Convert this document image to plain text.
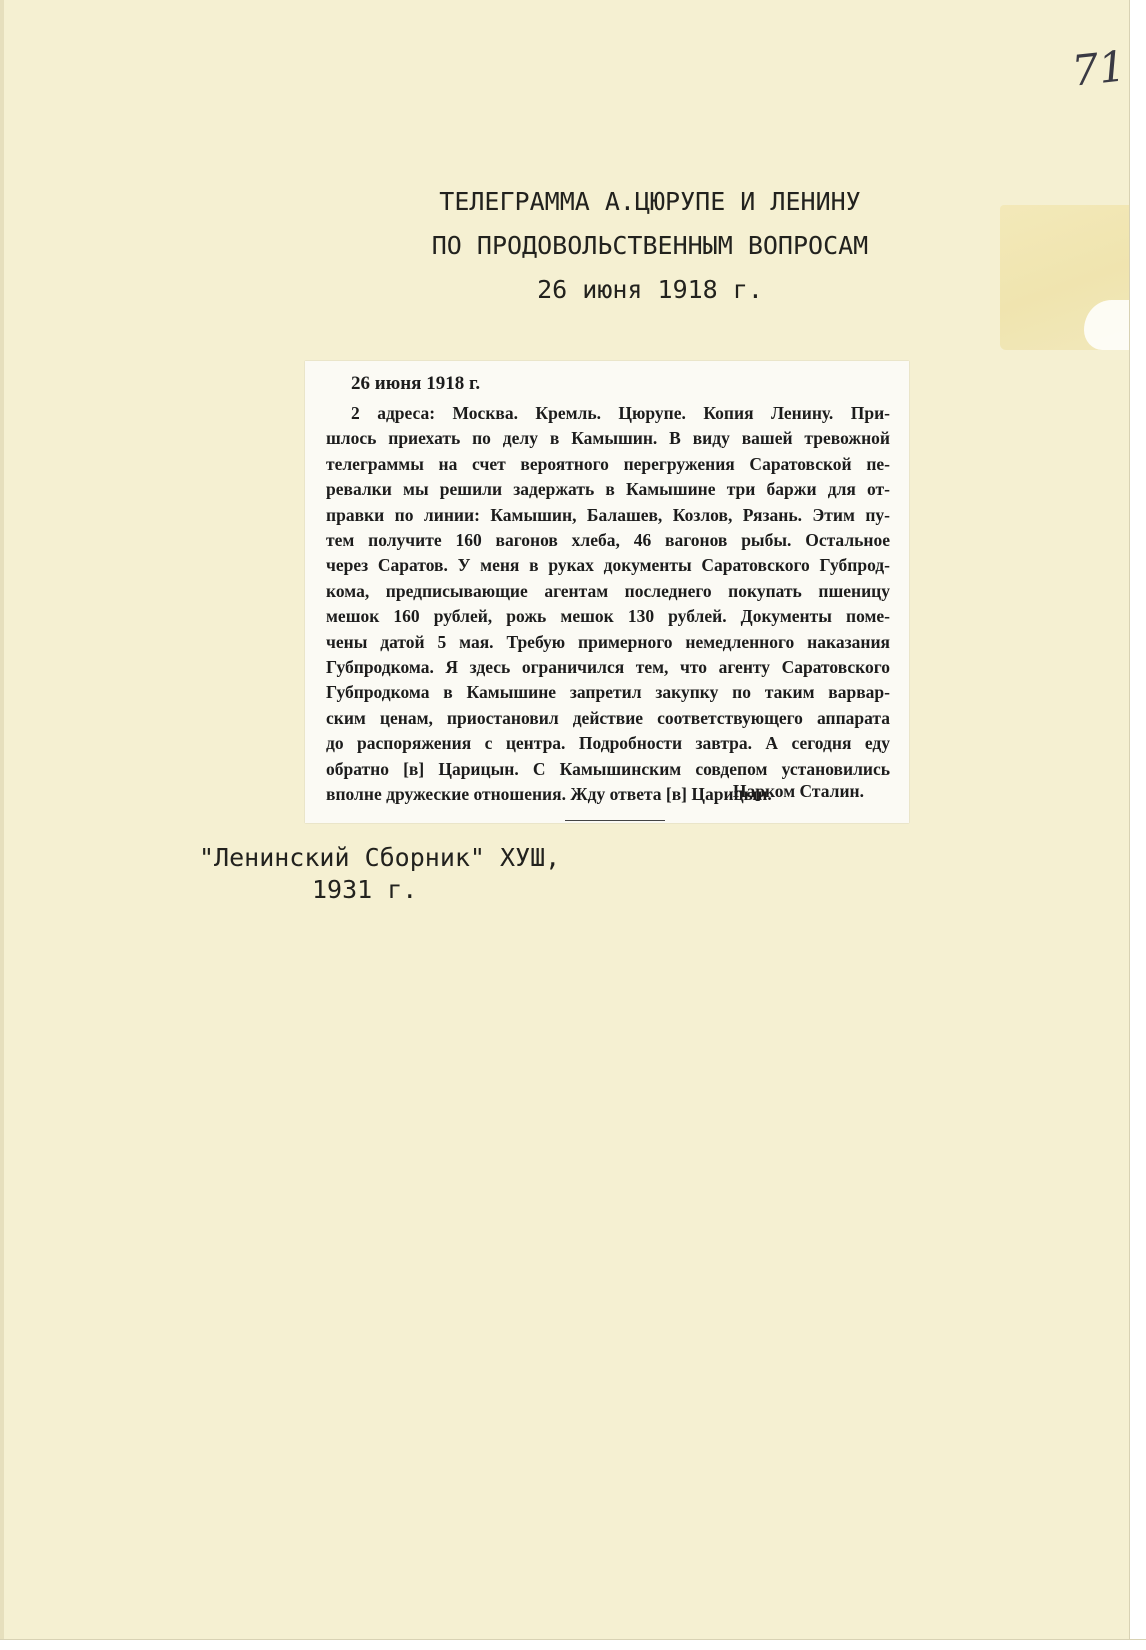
71
ТЕЛЕГРАММА А.ЦЮРУПЕ И ЛЕНИНУ
ПО ПРОДОВОЛЬСТВЕННЫМ ВОПРОСАМ
26 июня 1918 г.
26 июня 1918 г.
2 адреса: Москва. Кремль. Цюрупе. Копия Ленину. При-
шлось приехать по делу в Камышин. В виду вашей тревожной
телеграммы на счет вероятного перегружения Саратовской пе-
ревалки мы решили задержать в Камышине три баржи для от-
правки по линии: Камышин, Балашев, Козлов, Рязань. Этим пу-
тем получите 160 вагонов хлеба, 46 вагонов рыбы. Остальное
через Саратов. У меня в руках документы Саратовского Губпрод-
кома, предписывающие агентам последнего покупать пшеницу
мешок 160 рублей, рожь мешок 130 рублей. Документы поме-
чены датой 5 мая. Требую примерного немедленного наказания
Губпродкома. Я здесь ограничился тем, что агенту Саратовского
Губпродкома в Камышине запретил закупку по таким варвар-
ским ценам, приостановил действие соответствующего аппарата
до распоряжения с центра. Подробности завтра. А сегодня еду
обратно [в] Царицын. С Камышинским совдепом установились
вполне дружеские отношения. Жду ответа [в] Царицын.
Нарком Сталин.
"Ленинский Сборник" ХУШ,
1931 г.
